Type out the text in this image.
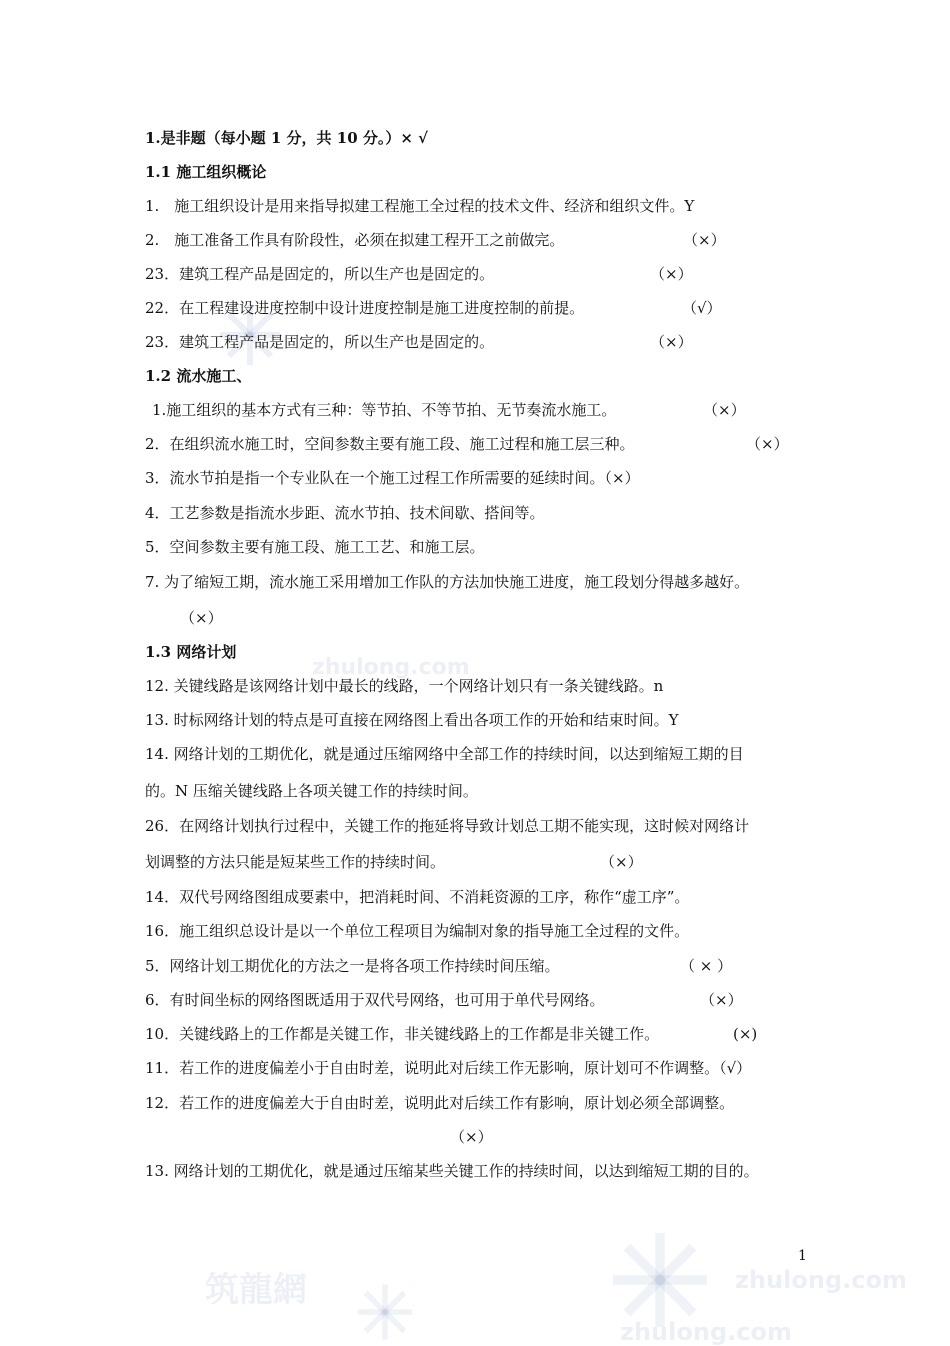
zhulong.com
zhulong.com
zhulong.com
筑龍網
1.是非题（每小题 1 分，共 10 分。）× √
1.1 施工组织概论
1.　施工组织设计是用来指导拟建工程施工全过程的技术文件、经济和组织文件。Y
2.　施工准备工作具有阶段性，必须在拟建工程开工之前做完。	（×）
23．建筑工程产品是固定的，所以生产也是固定的。	（×）
22．在工程建设进度控制中设计进度控制是施工进度控制的前提。	（√）
23．建筑工程产品是固定的，所以生产也是固定的。	（×）
1.2 流水施工、
1.施工组织的基本方式有三种：等节拍、不等节拍、无节奏流水施工。	（×）
2．在组织流水施工时，空间参数主要有施工段、施工过程和施工层三种。	（×）
3．流水节拍是指一个专业队在一个施工过程工作所需要的延续时间。（×）
4．工艺参数是指流水步距、流水节拍、技术间歇、搭间等。
5．空间参数主要有施工段、施工工艺、和施工层。
7. 为了缩短工期，流水施工采用增加工作队的方法加快施工进度，施工段划分得越多越好。
（×）
1.3 网络计划
12. 关键线路是该网络计划中最长的线路，一个网络计划只有一条关键线路。n
13. 时标网络计划的特点是可直接在网络图上看出各项工作的开始和结束时间。Y
14. 网络计划的工期优化，就是通过压缩网络中全部工作的持续时间，以达到缩短工期的目
的。N 压缩关键线路上各项关键工作的持续时间。
26．在网络计划执行过程中，关键工作的拖延将导致计划总工期不能实现，这时候对网络计
划调整的方法只能是短某些工作的持续时间。	（×）
14．双代号网络图组成要素中，把消耗时间、不消耗资源的工序，称作“虚工序”。
16．施工组织总设计是以一个单位工程项目为编制对象的指导施工全过程的文件。
5．网络计划工期优化的方法之一是将各项工作持续时间压缩。	（ × ）
6．有时间坐标的网络图既适用于双代号网络，也可用于单代号网络。	（×）
10．关键线路上的工作都是关键工作，非关键线路上的工作都是非关键工作。	(×)
11．若工作的进度偏差小于自由时差，说明此对后续工作无影响，原计划可不作调整。（√）
12．若工作的进度偏差大于自由时差，说明此对后续工作有影响，原计划必须全部调整。
（×）
13. 网络计划的工期优化，就是通过压缩某些关键工作的持续时间，以达到缩短工期的目的。
1
